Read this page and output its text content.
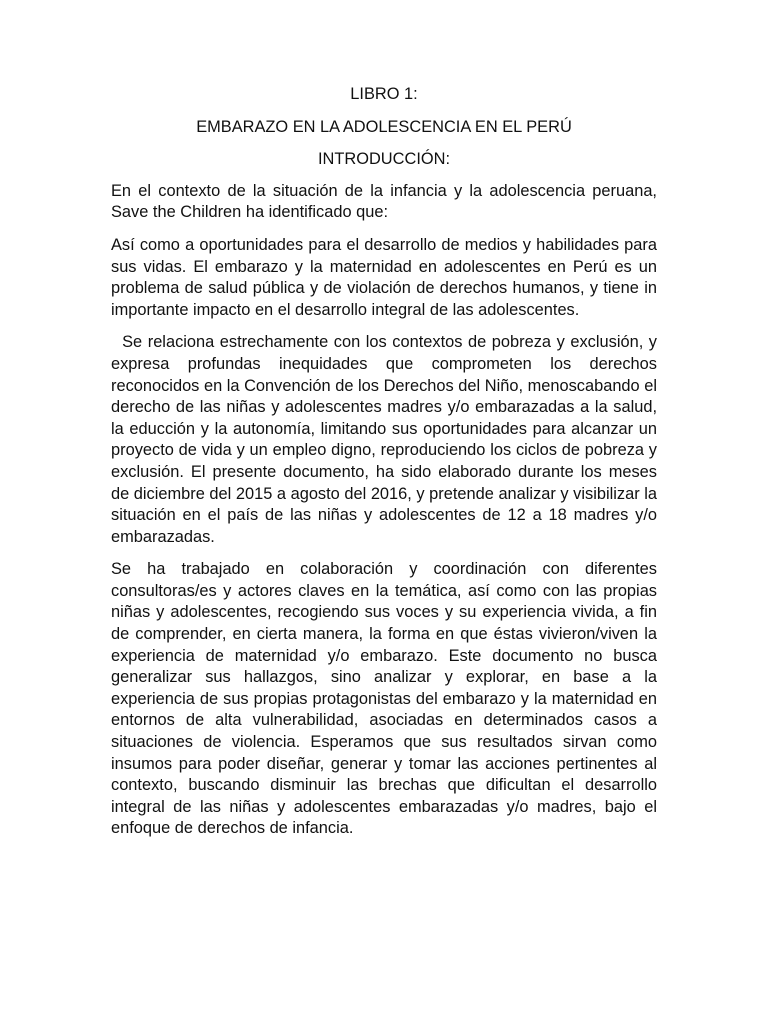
LIBRO 1:

EMBARAZO EN LA ADOLESCENCIA EN EL PERÚ

INTRODUCCIÓN:

En el contexto de la situación de la infancia y la adolescencia peruana, Save the Children ha identificado que:

Así como a oportunidades para el desarrollo de medios y habilidades para sus vidas. El embarazo y la maternidad en adolescentes en Perú es un problema de salud pública y de violación de derechos humanos, y tiene in importante impacto en el desarrollo integral de las adolescentes.

Se relaciona estrechamente con los contextos de pobreza y exclusión, y expresa profundas inequidades que comprometen los derechos reconocidos en la Convención de los Derechos del Niño, menoscabando el derecho de las niñas y adolescentes madres y/o embarazadas a la salud, la educción y la autonomía, limitando sus oportunidades para alcanzar un proyecto de vida y un empleo digno, reproduciendo los ciclos de pobreza y exclusión. El presente documento, ha sido elaborado durante los meses de diciembre del 2015 a agosto del 2016, y pretende analizar y visibilizar la situación en el país de las niñas y adolescentes de 12 a 18 madres y/o embarazadas.

Se ha trabajado en colaboración y coordinación con diferentes consultoras/es y actores claves en la temática, así como con las propias niñas y adolescentes, recogiendo sus voces y su experiencia vivida, a fin de comprender, en cierta manera, la forma en que éstas vivieron/viven la experiencia de maternidad y/o embarazo. Este documento no busca generalizar sus hallazgos, sino analizar y explorar, en base a la experiencia de sus propias protagonistas del embarazo y la maternidad en entornos de alta vulnerabilidad, asociadas en determinados casos a situaciones de violencia. Esperamos que sus resultados sirvan como insumos para poder diseñar, generar y tomar las acciones pertinentes al contexto, buscando disminuir las brechas que dificultan el desarrollo integral de las niñas y adolescentes embarazadas y/o madres, bajo el enfoque de derechos de infancia.
